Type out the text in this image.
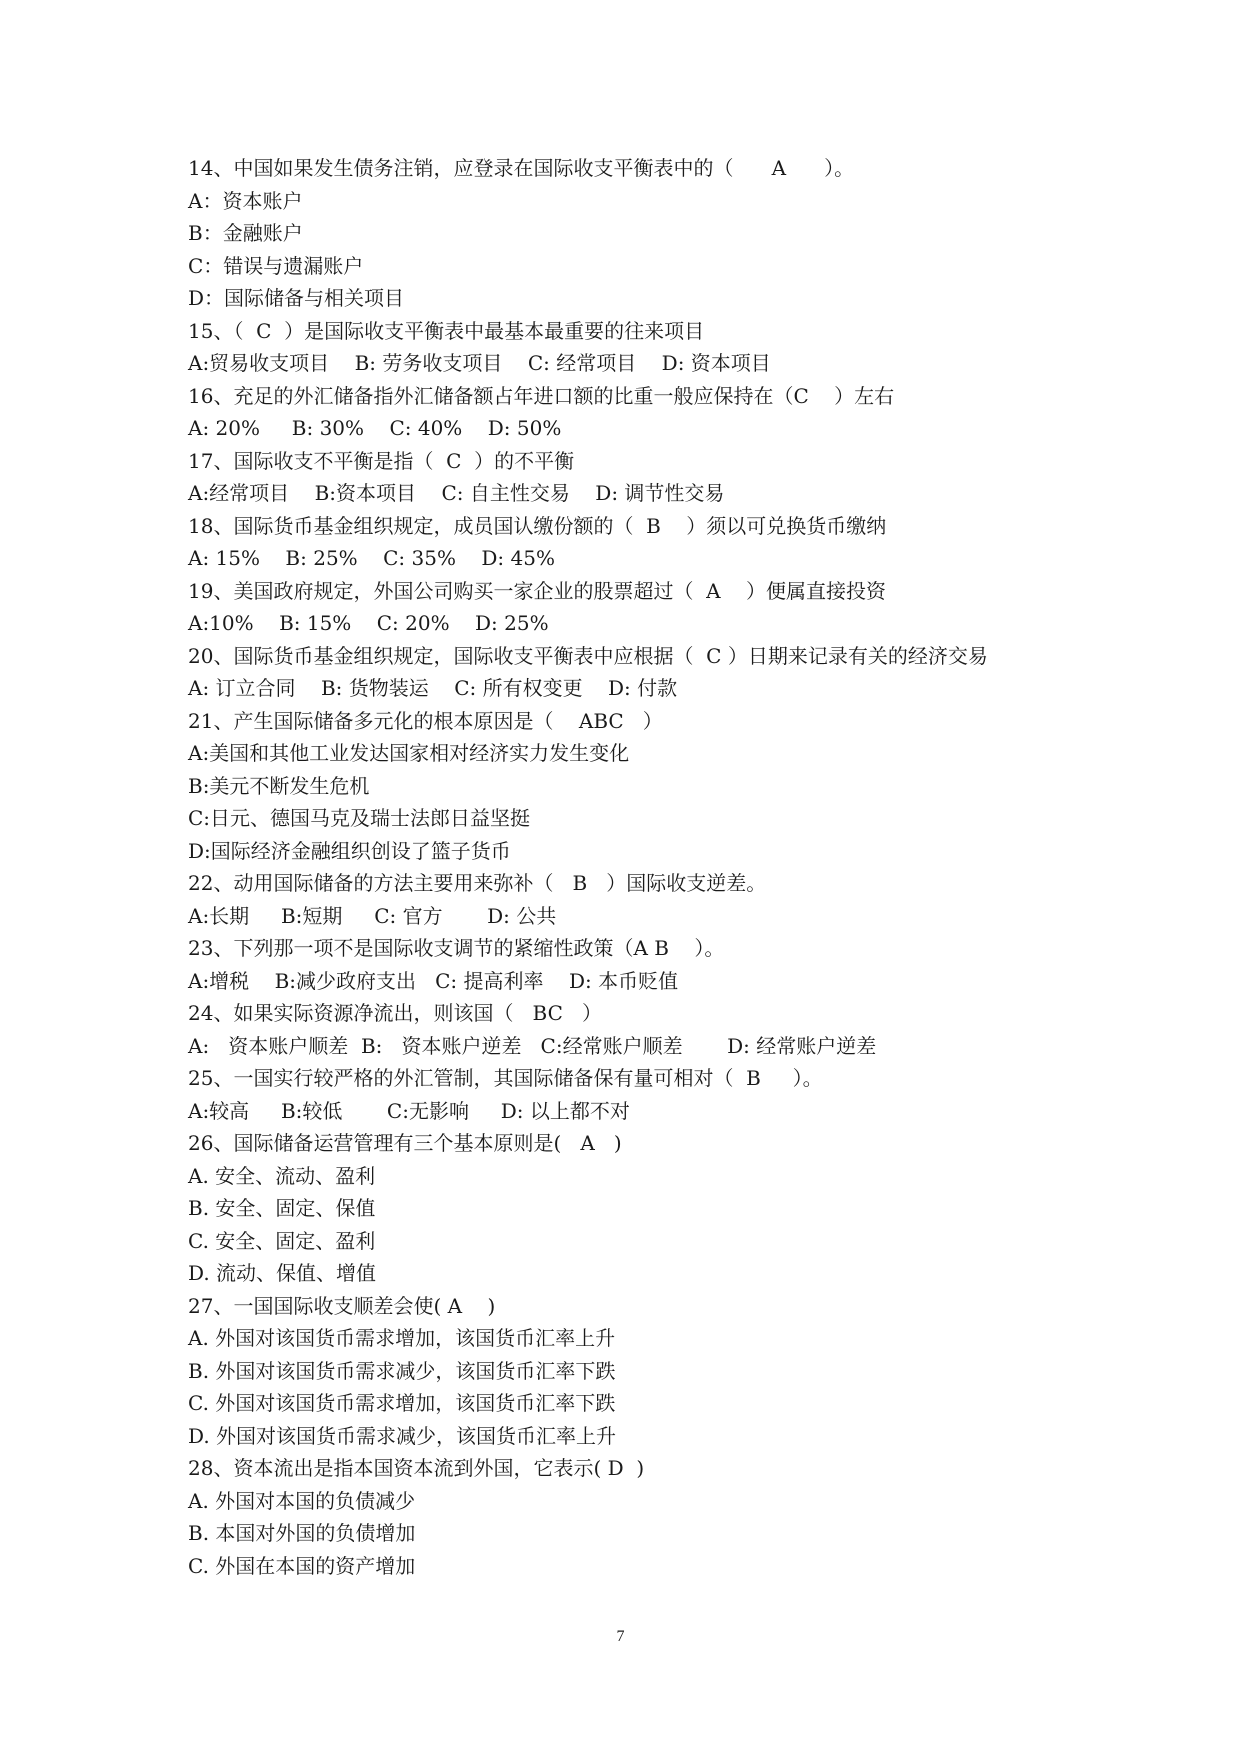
14、中国如果发生债务注销，应登录在国际收支平衡表中的（      A      ）。
A：资本账户
B：金融账户
C：错误与遗漏账户
D：国际储备与相关项目
15、（  C  ）是国际收支平衡表中最基本最重要的往来项目
A:贸易收支项目    B: 劳务收支项目    C: 经常项目    D: 资本项目
16、充足的外汇储备指外汇储备额占年进口额的比重一般应保持在（C    ）左右
A: 20%     B: 30%    C: 40%    D: 50%
17、国际收支不平衡是指（  C  ）的不平衡
A:经常项目    B:资本项目    C: 自主性交易    D: 调节性交易
18、国际货币基金组织规定，成员国认缴份额的（  B    ）须以可兑换货币缴纳
A: 15%    B: 25%    C: 35%    D: 45%
19、美国政府规定，外国公司购买一家企业的股票超过（  A    ）便属直接投资
A:10%    B: 15%    C: 20%    D: 25%
20、国际货币基金组织规定，国际收支平衡表中应根据（  C ）日期来记录有关的经济交易
A: 订立合同    B: 货物装运    C: 所有权变更    D: 付款
21、产生国际储备多元化的根本原因是（    ABC   ）
A:美国和其他工业发达国家相对经济实力发生变化
B:美元不断发生危机
C:日元、德国马克及瑞士法郎日益坚挺
D:国际经济金融组织创设了篮子货币
22、动用国际储备的方法主要用来弥补（   B   ）国际收支逆差。
A:长期     B:短期     C: 官方       D: 公共
23、下列那一项不是国际收支调节的紧缩性政策（A B    ）。
A:增税    B:减少政府支出   C: 提高利率    D: 本币贬值
24、如果实际资源净流出，则该国（   BC   ）
A:   资本账户顺差  B:   资本账户逆差   C:经常账户顺差       D: 经常账户逆差
25、一国实行较严格的外汇管制，其国际储备保有量可相对（  B     ）。
A:较高     B:较低       C:无影响     D: 以上都不对
26、国际储备运营管理有三个基本原则是(   A   )
A. 安全、流动、盈利
B. 安全、固定、保值
C. 安全、固定、盈利
D. 流动、保值、增值
27、一国国际收支顺差会使( A    )
A. 外国对该国货币需求增加，该国货币汇率上升
B. 外国对该国货币需求减少，该国货币汇率下跌
C. 外国对该国货币需求增加，该国货币汇率下跌
D. 外国对该国货币需求减少，该国货币汇率上升
28、资本流出是指本国资本流到外国，它表示( D  )
A. 外国对本国的负债减少
B. 本国对外国的负债增加
C. 外国在本国的资产增加
7
